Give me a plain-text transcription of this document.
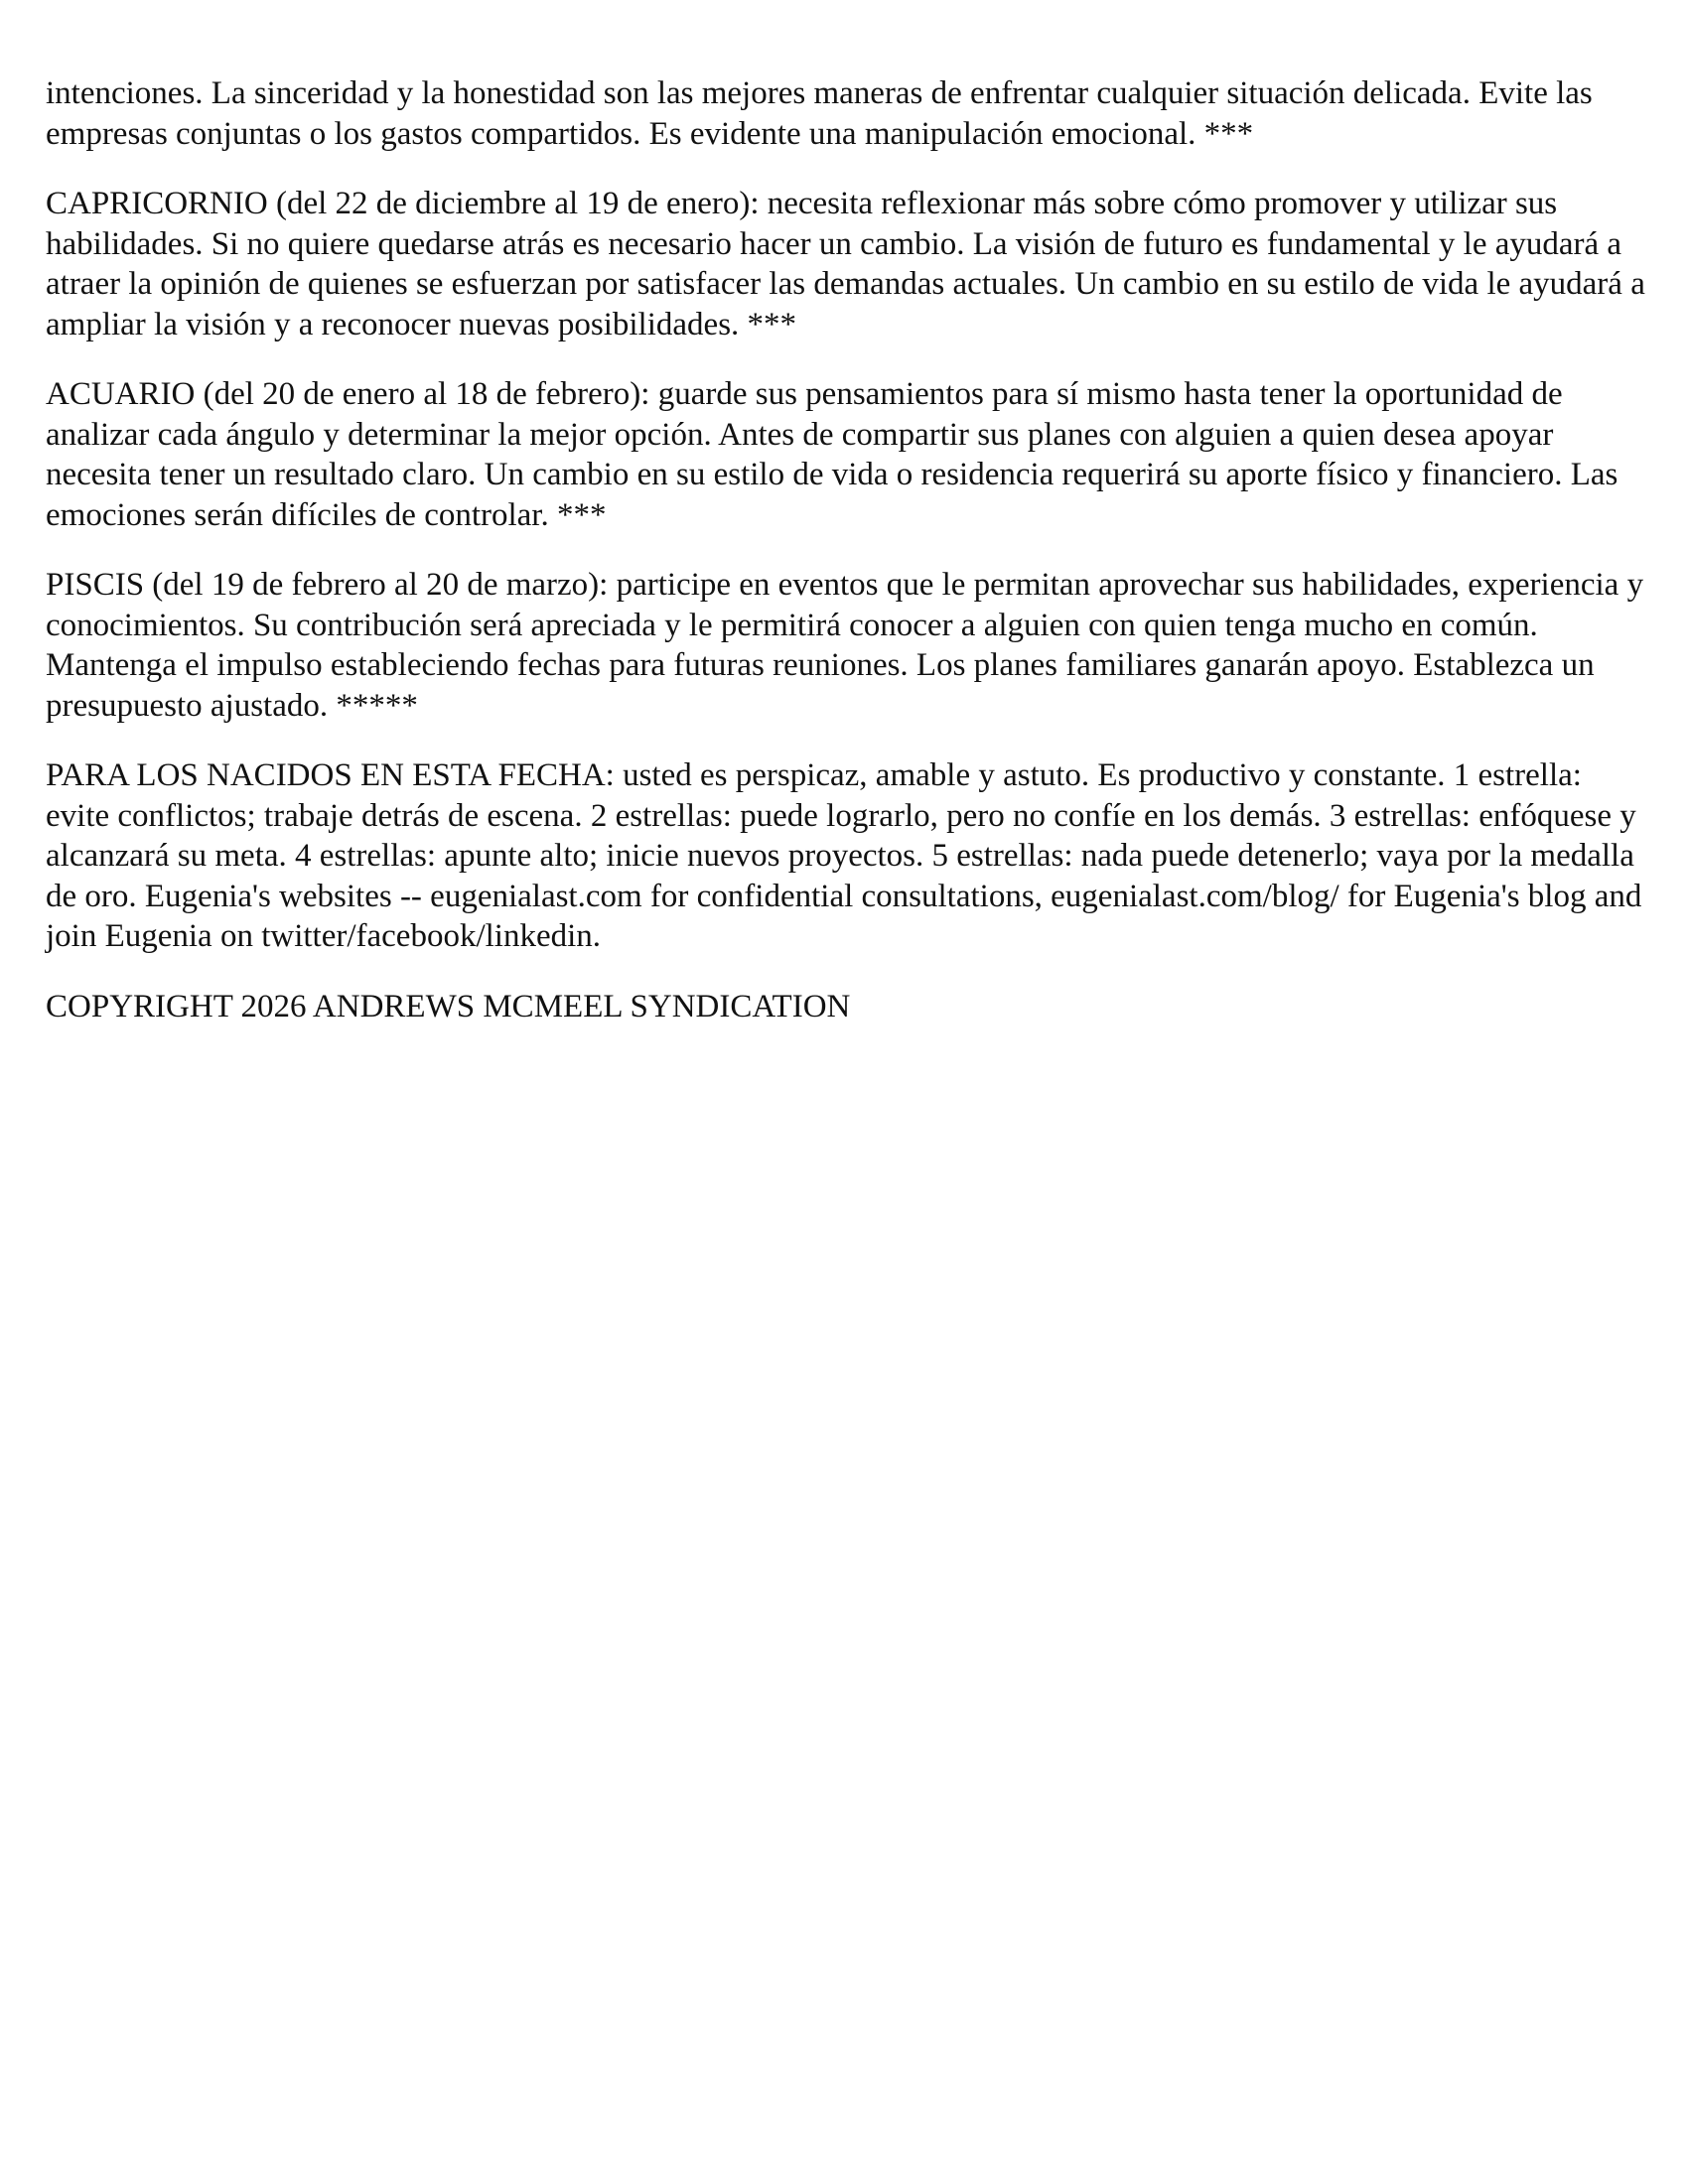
intenciones. La sinceridad y la honestidad son las mejores maneras de enfrentar cualquier situación delicada. Evite las empresas conjuntas o los gastos compartidos. Es evidente una manipulación emocional. ***

CAPRICORNIO (del 22 de diciembre al 19 de enero): necesita reflexionar más sobre cómo promover y utilizar sus habilidades. Si no quiere quedarse atrás es necesario hacer un cambio. La visión de futuro es fundamental y le ayudará a atraer la opinión de quienes se esfuerzan por satisfacer las demandas actuales. Un cambio en su estilo de vida le ayudará a ampliar la visión y a reconocer nuevas posibilidades. ***

ACUARIO (del 20 de enero al 18 de febrero): guarde sus pensamientos para sí mismo hasta tener la oportunidad de analizar cada ángulo y determinar la mejor opción. Antes de compartir sus planes con alguien a quien desea apoyar necesita tener un resultado claro. Un cambio en su estilo de vida o residencia requerirá su aporte físico y financiero. Las emociones serán difíciles de controlar. ***

PISCIS (del 19 de febrero al 20 de marzo): participe en eventos que le permitan aprovechar sus habilidades, experiencia y conocimientos. Su contribución será apreciada y le permitirá conocer a alguien con quien tenga mucho en común. Mantenga el impulso estableciendo fechas para futuras reuniones. Los planes familiares ganarán apoyo. Establezca un presupuesto ajustado. *****

PARA LOS NACIDOS EN ESTA FECHA: usted es perspicaz, amable y astuto. Es productivo y constante. 1 estrella: evite conflictos; trabaje detrás de escena. 2 estrellas: puede lograrlo, pero no confíe en los demás. 3 estrellas: enfóquese y alcanzará su meta. 4 estrellas: apunte alto; inicie nuevos proyectos. 5 estrellas: nada puede detenerlo; vaya por la medalla de oro. Eugenia's websites -- eugenialast.com for confidential consultations, eugenialast.com/blog/ for Eugenia's blog and join Eugenia on twitter/facebook/linkedin.

COPYRIGHT 2026 ANDREWS MCMEEL SYNDICATION
